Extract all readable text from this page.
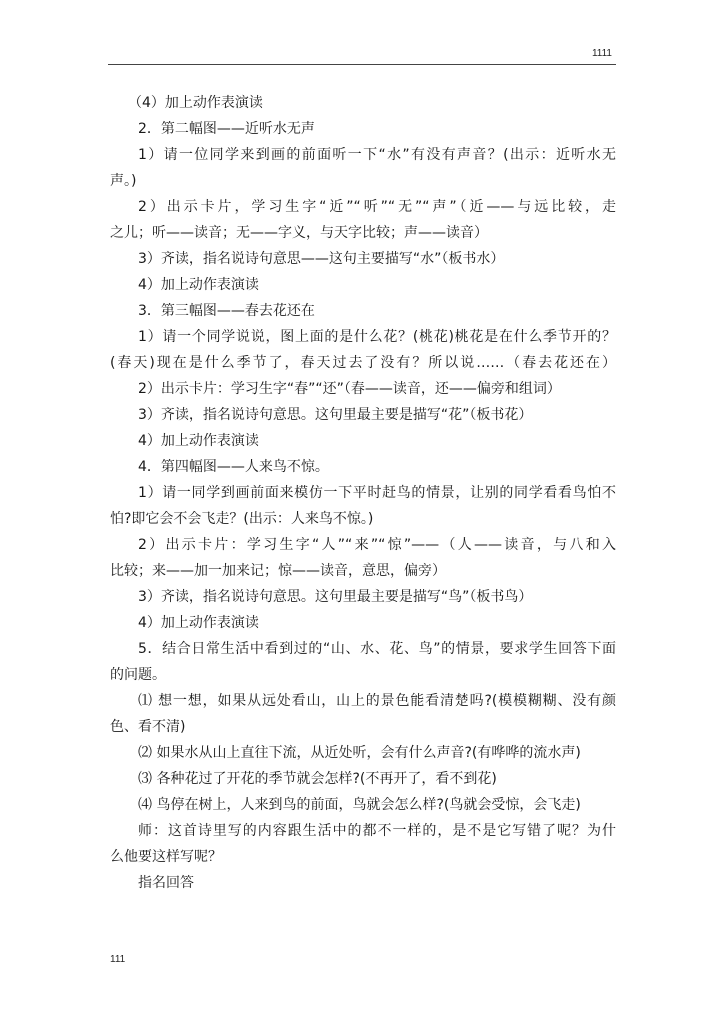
1111
（4）加上动作表演读
2．第二幅图——近听水无声
1）请一位同学来到画的前面听一下“水”有没有声音？(出示：近听水无
声。)
2）出示卡片，学习生字“近”“听”“无”“声”（近——与远比较，走
之儿；听——读音；无——字义，与天字比较；声——读音）
3）齐读，指名说诗句意思——这句主要描写“水”（板书水）
4）加上动作表演读
3．第三幅图——春去花还在
1）请一个同学说说，图上面的是什么花？(桃花)桃花是在什么季节开的？
(春天)现在是什么季节了，春天过去了没有？所以说……（春去花还在）
2）出示卡片：学习生字“春”“还”（春——读音，还——偏旁和组词）
3）齐读，指名说诗句意思。这句里最主要是描写“花”（板书花）
4）加上动作表演读
4．第四幅图——人来鸟不惊。
1）请一同学到画前面来模仿一下平时赶鸟的情景，让别的同学看看鸟怕不
怕?即它会不会飞走？(出示：人来鸟不惊。)
2）出示卡片：学习生字“人”“来”“惊”——（人——读音，与八和入
比较；来——加一加来记；惊——读音，意思，偏旁）
3）齐读，指名说诗句意思。这句里最主要是描写“鸟”（板书鸟）
4）加上动作表演读
5．结合日常生活中看到过的“山、水、花、鸟”的情景，要求学生回答下面
的问题。
⑴ 想一想，如果从远处看山，山上的景色能看清楚吗?(模模糊糊、没有颜
色、看不清)
⑵ 如果水从山上直往下流，从近处听，会有什么声音?(有哗哗的流水声)
⑶ 各种花过了开花的季节就会怎样?(不再开了，看不到花)
⑷ 鸟停在树上，人来到鸟的前面，鸟就会怎么样?(鸟就会受惊，会飞走)
师：这首诗里写的内容跟生活中的都不一样的，是不是它写错了呢？为什
么他要这样写呢？
指名回答
111
